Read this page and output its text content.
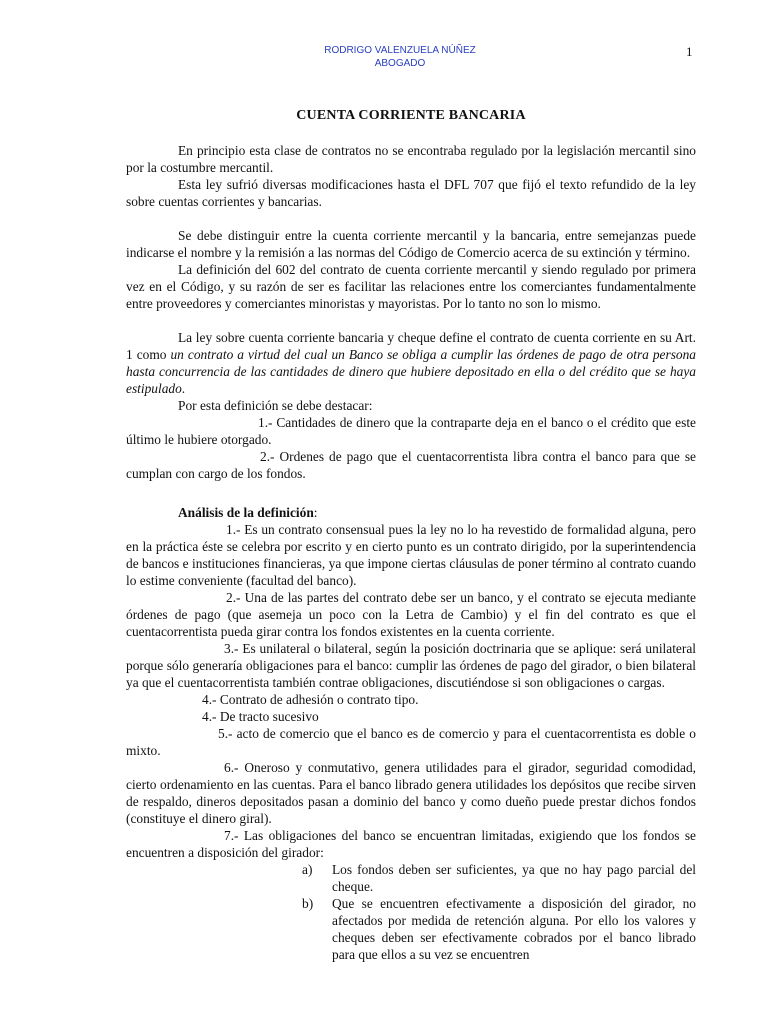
RODRIGO VALENZUELA NÚÑEZ
ABOGADO
1
CUENTA CORRIENTE BANCARIA

En principio esta clase de contratos no se encontraba regulado por la legislación mercantil sino por la costumbre mercantil.

Esta ley sufrió diversas modificaciones hasta el DFL 707 que fijó el texto refundido de la ley sobre cuentas corrientes y bancarias.

Se debe distinguir entre la cuenta corriente mercantil y la bancaria, entre semejanzas puede indicarse el nombre y la remisión a las normas del Código de Comercio acerca de su extinción y término.

La definición del 602 del contrato de cuenta corriente mercantil y siendo regulado por primera vez en el Código, y su razón de ser es facilitar las relaciones entre los comerciantes fundamentalmente entre proveedores y comerciantes minoristas y mayoristas. Por lo tanto no son lo mismo.

La ley sobre cuenta corriente bancaria y cheque define el contrato de cuenta corriente en su Art. 1 como un contrato a virtud del cual un Banco se obliga a cumplir las órdenes de pago de otra persona hasta concurrencia de las cantidades de dinero que hubiere depositado en ella o del crédito que se haya estipulado.

Por esta definición se debe destacar:

1.- Cantidades de dinero que la contraparte deja en el banco o el crédito que este último le hubiere otorgado.

2.- Ordenes de pago que el cuentacorrentista libra contra el banco para que se cumplan con cargo de los fondos.

Análisis de la definición:

1.- Es un contrato consensual pues la ley no lo ha revestido de formalidad alguna, pero en la práctica éste se celebra por escrito y en cierto punto es un contrato dirigido, por la superintendencia de bancos e instituciones financieras, ya que impone ciertas cláusulas de poner término al contrato cuando lo estime conveniente (facultad del banco).

2.- Una de las partes del contrato debe ser un banco, y el contrato se ejecuta mediante órdenes de pago (que asemeja un poco con la Letra de Cambio) y el fin del contrato es que el cuentacorrentista pueda girar contra los fondos existentes en la cuenta corriente.

3.- Es unilateral o bilateral, según la posición doctrinaria que se aplique: será unilateral porque sólo generaría obligaciones para el banco: cumplir las órdenes de pago del girador, o bien bilateral ya que el cuentacorrentista también contrae obligaciones, discutiéndose si son obligaciones o cargas.

4.- Contrato de adhesión o contrato tipo.

4.- De tracto sucesivo

5.- acto de comercio que el banco es de comercio y para el cuentacorrentista es doble o mixto.

6.- Oneroso y conmutativo, genera utilidades para el girador, seguridad comodidad, cierto ordenamiento en las cuentas. Para el banco librado genera utilidades los depósitos que recibe sirven de respaldo, dineros depositados pasan a dominio del banco y como dueño puede prestar dichos fondos (constituye el dinero giral).

7.- Las obligaciones del banco se encuentran limitadas, exigiendo que los fondos se encuentren a disposición del girador:

a)	Los fondos deben ser suficientes, ya que no hay pago parcial del cheque.
b)	Que se encuentren efectivamente a disposición del girador, no afectados por medida de retención alguna. Por ello los valores y cheques deben ser efectivamente cobrados por el banco librado para que ellos a su vez se encuentren
